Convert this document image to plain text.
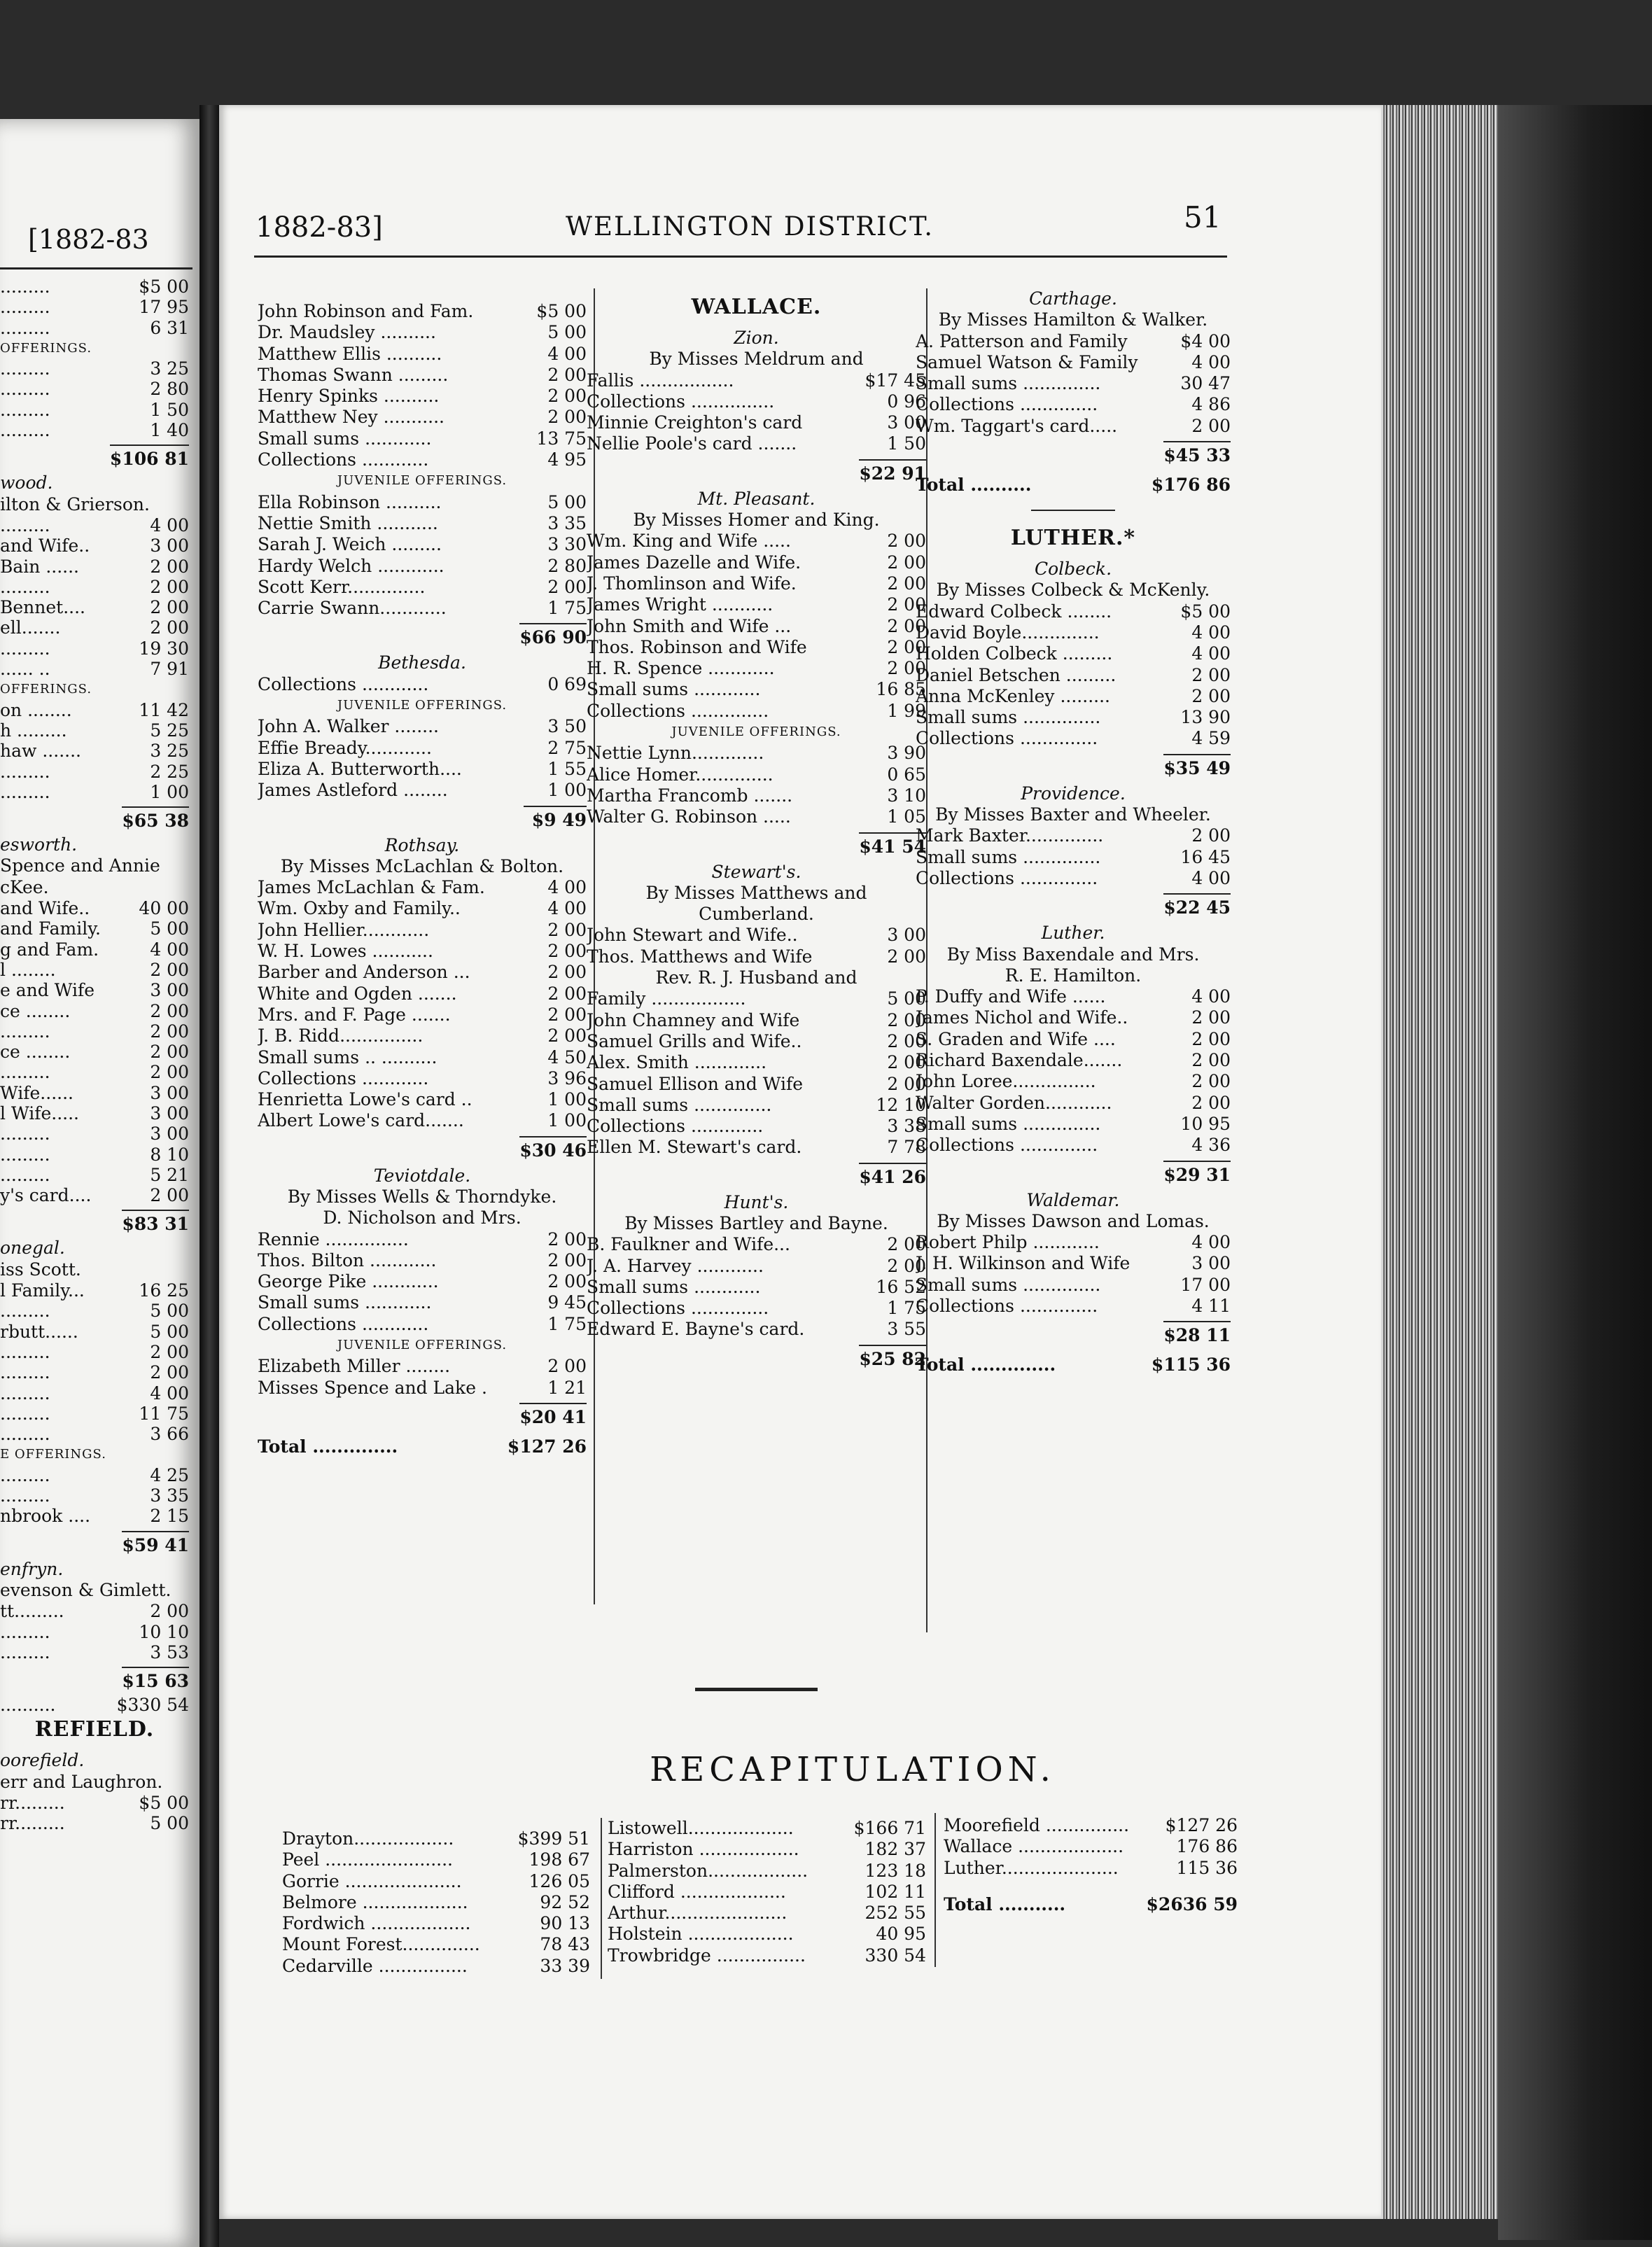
[1882-83
.........	$5 00
.........	17 95
.........	6 31
OFFERINGS.
.........	3 25
.........	2 80
.........	1 50
.........	1 40
$106 81
wood.
ilton & Grierson.
.........	4 00
and Wife..	3 00
Bain ......	2 00
.........	2 00
Bennet....	2 00
ell.......	2 00
.........	19 30
...... ..	7 91
OFFERINGS.
on ........	11 42
h .........	5 25
haw .......	3 25
.........	2 25
.........	1 00
$65 38
esworth.
Spence and Annie
cKee.
and Wife..	40 00
and Family.	5 00
g and Fam.	4 00
l ........	2 00
e and Wife	3 00
ce ........	2 00
.........	2 00
ce ........	2 00
.........	2 00
Wife......	3 00
l Wife.....	3 00
.........	3 00
.........	8 10
.........	5 21
y's card....	2 00
$83 31
onegal.
iss Scott.
l Family...	16 25
.........	5 00
rbutt......	5 00
.........	2 00
.........	2 00
.........	4 00
.........	11 75
.........	3 66
E OFFERINGS.
.........	4 25
.........	3 35
nbrook ....	2 15
$59 41
enfryn.
evenson & Gimlett.
tt.........	2 00
.........	10 10
.........	3 53
$15 63
..........	$330 54
REFIELD.
oorefield.
err and Laughron.
rr.........	$5 00
rr.........	5 00
1882-83]	WELLINGTON DISTRICT.	51
John Robinson and Fam.	$5 00
Dr. Maudsley ..........	5 00
Matthew Ellis ..........	4 00
Thomas Swann .........	2 00
Henry Spinks ..........	2 00
Matthew Ney ...........	2 00
Small sums ............	13 75
Collections ............	4 95
JUVENILE OFFERINGS.
Ella Robinson ..........	5 00
Nettie Smith ...........	3 35
Sarah J. Weich .........	3 30
Hardy Welch ............	2 80
Scott Kerr..............	2 00
Carrie Swann............	1 75
$66 90
Bethesda.
Collections ............	0 69
JUVENILE OFFERINGS.
John A. Walker ........	3 50
Effie Bready............	2 75
Eliza A. Butterworth....	1 55
James Astleford ........	1 00
$9 49
Rothsay.
By Misses McLachlan & Bolton.
James McLachlan & Fam.	4 00
Wm. Oxby and Family..	4 00
John Hellier............	2 00
W. H. Lowes ...........	2 00
Barber and Anderson ...	2 00
White and Ogden .......	2 00
Mrs. and F. Page .......	2 00
J. B. Ridd...............	2 00
Small sums .. ..........	4 50
Collections ............	3 96
Henrietta Lowe's card ..	1 00
Albert Lowe's card.......	1 00
$30 46
Teviotdale.
By Misses Wells & Thorndyke.
D. Nicholson and Mrs.
Rennie ...............	2 00
Thos. Bilton ............	2 00
George Pike ............	2 00
Small sums ............	9 45
Collections ............	1 75
JUVENILE OFFERINGS.
Elizabeth Miller ........	2 00
Misses Spence and Lake .	1 21
$20 41
Total ..............	$127 26
WALLACE.
Zion.
By Misses Meldrum and
Fallis .................	$17 45
Collections ...............	0 96
Minnie Creighton's card	3 00
Nellie Poole's card .......	1 50
$22 91
Mt. Pleasant.
By Misses Homer and King.
Wm. King and Wife .....	2 00
James Dazelle and Wife.	2 00
J. Thomlinson and Wife.	2 00
James Wright ...........	2 00
John Smith and Wife ...	2 00
Thos. Robinson and Wife	2 00
H. R. Spence ............	2 00
Small sums ............	16 85
Collections ..............	1 99
JUVENILE OFFERINGS.
Nettie Lynn.............	3 90
Alice Homer..............	0 65
Martha Francomb .......	3 10
Walter G. Robinson .....	1 05
$41 54
Stewart's.
By Misses Matthews and
Cumberland.
John Stewart and Wife..	3 00
Thos. Matthews and Wife	2 00
Rev. R. J. Husband and
Family .................	5 00
John Chamney and Wife	2 00
Samuel Grills and Wife..	2 00
Alex. Smith .............	2 00
Samuel Ellison and Wife	2 00
Small sums ..............	12 10
Collections .............	3 38
Ellen M. Stewart's card.	7 78
$41 26
Hunt's.
By Misses Bartley and Bayne.
B. Faulkner and Wife...	2 00
J. A. Harvey ............	2 00
Small sums ............	16 52
Collections ..............	1 75
Edward E. Bayne's card.	3 55
$25 82
Carthage.
By Misses Hamilton & Walker.
A. Patterson and Family	$4 00
Samuel Watson & Family	4 00
Small sums ..............	30 47
Collections ..............	4 86
Wm. Taggart's card.....	2 00
$45 33
Total ..........	$176 86
LUTHER.*
Colbeck.
By Misses Colbeck & McKenly.
Edward Colbeck ........	$5 00
David Boyle..............	4 00
Holden Colbeck .........	4 00
Daniel Betschen .........	2 00
Anna McKenley .........	2 00
Small sums ..............	13 90
Collections ..............	4 59
$35 49
Providence.
By Misses Baxter and Wheeler.
Mark Baxter..............	2 00
Small sums ..............	16 45
Collections ..............	4 00
$22 45
Luther.
By Miss Baxendale and Mrs.
R. E. Hamilton.
P. Duffy and Wife ......	4 00
James Nichol and Wife..	2 00
S. Graden and Wife ....	2 00
Richard Baxendale.......	2 00
John Loree...............	2 00
Walter Gorden............	2 00
Small sums ..............	10 95
Collections ..............	4 36
$29 31
Waldemar.
By Misses Dawson and Lomas.
Robert Philp ............	4 00
J. H. Wilkinson and Wife	3 00
Small sums ..............	17 00
Collections ..............	4 11
$28 11
Total ..............	$115 36
RECAPITULATION.
Drayton..................	$399 51
Peel .......................	198 67
Gorrie .....................	126 05
Belmore ...................	92 52
Fordwich ..................	90 13
Mount Forest..............	78 43
Cedarville ................	33 39
Listowell...................	$166 71
Harriston ..................	182 37
Palmerston..................	123 18
Clifford ...................	102 11
Arthur......................	252 55
Holstein ...................	40 95
Trowbridge ................	330 54
Moorefield ...............	$127 26
Wallace ...................	176 86
Luther.....................	115 36
Total ...........	$2636 59
